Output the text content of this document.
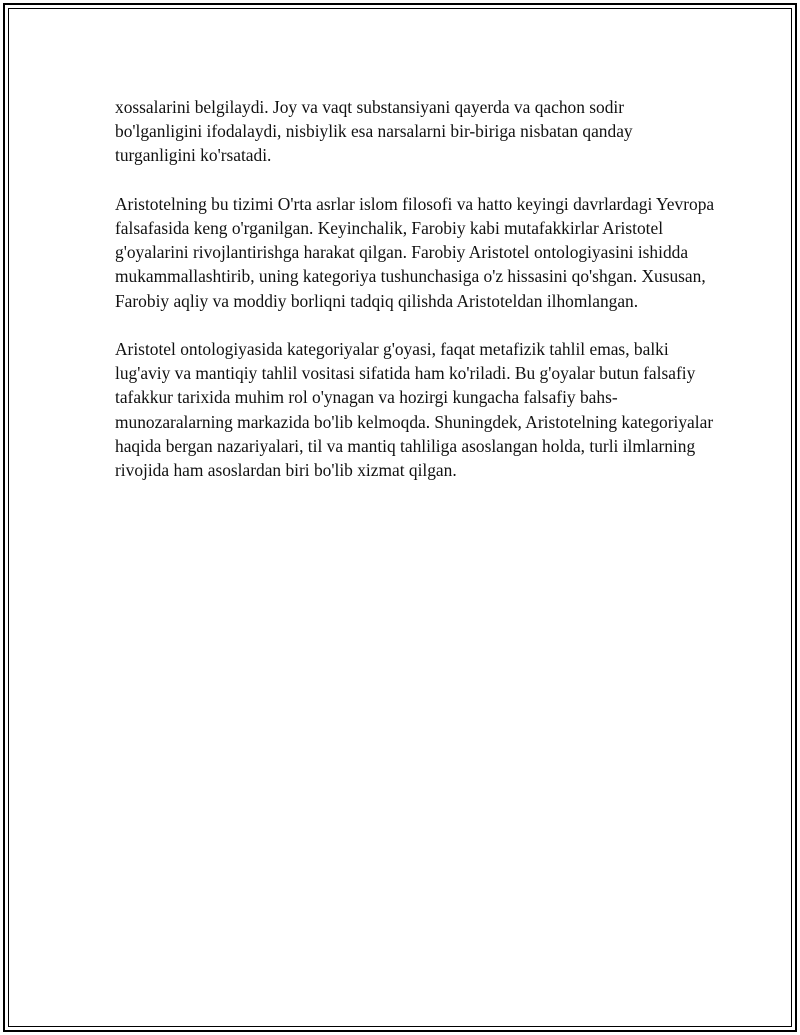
xossalarini belgilaydi. Joy va vaqt substansiyani qayerda va qachon sodir bo'lganligini ifodalaydi, nisbiylik esa narsalarni bir-biriga nisbatan qanday turganligini ko'rsatadi.

Aristotelning bu tizimi O'rta asrlar islom filosofi va hatto keyingi davrlardagi Yevropa falsafasida keng o'rganilgan. Keyinchalik, Farobiy kabi mutafakkirlar Aristotel g'oyalarini rivojlantirishga harakat qilgan. Farobiy Aristotel ontologiyasini ishidda mukammallashtirib, uning kategoriya tushunchasiga o'z hissasini qo'shgan. Xususan, Farobiy aqliy va moddiy borliqni tadqiq qilishda Aristoteldan ilhomlangan.

Aristotel ontologiyasida kategoriyalar g'oyasi, faqat metafizik tahlil emas, balki lug'aviy va mantiqiy tahlil vositasi sifatida ham ko'riladi. Bu g'oyalar butun falsafiy tafakkur tarixida muhim rol o'ynagan va hozirgi kungacha falsafiy bahs-munozaralarning markazida bo'lib kelmoqda. Shuningdek, Aristotelning kategoriyalar haqida bergan nazariyalari, til va mantiq tahliliga asoslangan holda, turli ilmlarning rivojida ham asoslardan biri bo'lib xizmat qilgan.
